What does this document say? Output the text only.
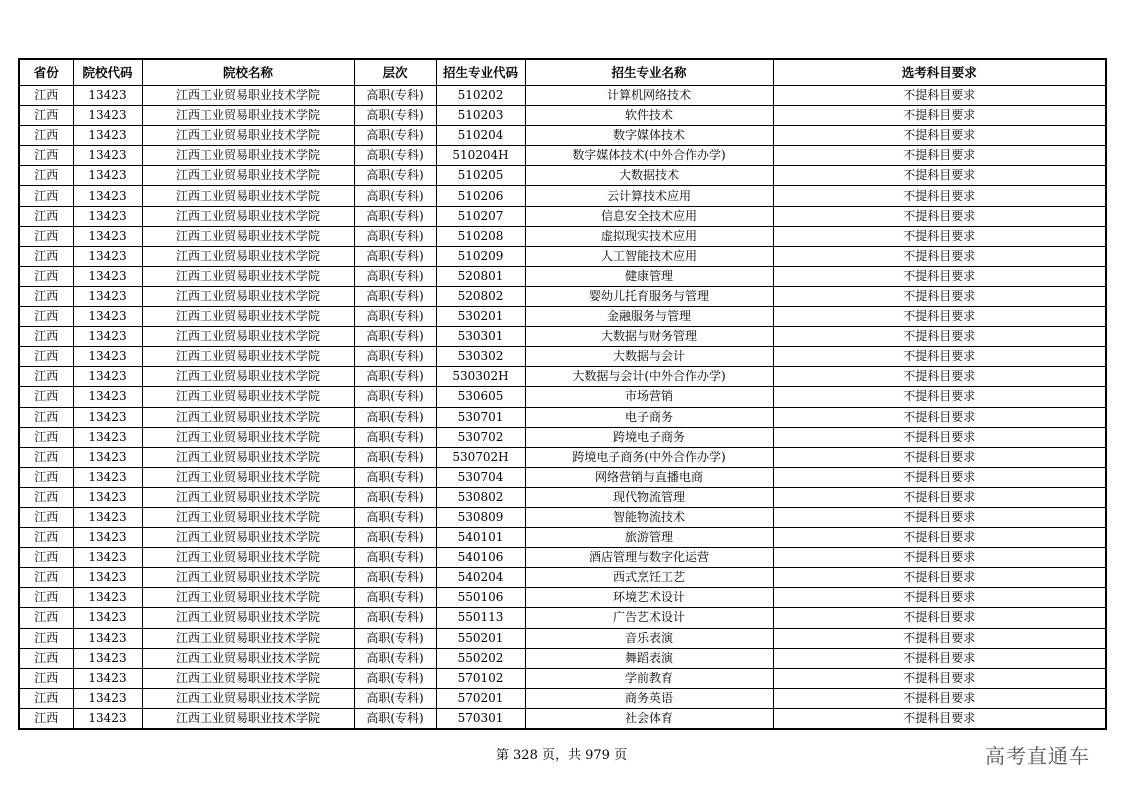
省份	院校代码	院校名称	层次	招生专业代码	招生专业名称	选考科目要求
江西	13423	江西工业贸易职业技术学院	高职(专科)	510202	计算机网络技术	不提科目要求
江西	13423	江西工业贸易职业技术学院	高职(专科)	510203	软件技术	不提科目要求
江西	13423	江西工业贸易职业技术学院	高职(专科)	510204	数字媒体技术	不提科目要求
江西	13423	江西工业贸易职业技术学院	高职(专科)	510204H	数字媒体技术(中外合作办学)	不提科目要求
江西	13423	江西工业贸易职业技术学院	高职(专科)	510205	大数据技术	不提科目要求
江西	13423	江西工业贸易职业技术学院	高职(专科)	510206	云计算技术应用	不提科目要求
江西	13423	江西工业贸易职业技术学院	高职(专科)	510207	信息安全技术应用	不提科目要求
江西	13423	江西工业贸易职业技术学院	高职(专科)	510208	虚拟现实技术应用	不提科目要求
江西	13423	江西工业贸易职业技术学院	高职(专科)	510209	人工智能技术应用	不提科目要求
江西	13423	江西工业贸易职业技术学院	高职(专科)	520801	健康管理	不提科目要求
江西	13423	江西工业贸易职业技术学院	高职(专科)	520802	婴幼儿托育服务与管理	不提科目要求
江西	13423	江西工业贸易职业技术学院	高职(专科)	530201	金融服务与管理	不提科目要求
江西	13423	江西工业贸易职业技术学院	高职(专科)	530301	大数据与财务管理	不提科目要求
江西	13423	江西工业贸易职业技术学院	高职(专科)	530302	大数据与会计	不提科目要求
江西	13423	江西工业贸易职业技术学院	高职(专科)	530302H	大数据与会计(中外合作办学)	不提科目要求
江西	13423	江西工业贸易职业技术学院	高职(专科)	530605	市场营销	不提科目要求
江西	13423	江西工业贸易职业技术学院	高职(专科)	530701	电子商务	不提科目要求
江西	13423	江西工业贸易职业技术学院	高职(专科)	530702	跨境电子商务	不提科目要求
江西	13423	江西工业贸易职业技术学院	高职(专科)	530702H	跨境电子商务(中外合作办学)	不提科目要求
江西	13423	江西工业贸易职业技术学院	高职(专科)	530704	网络营销与直播电商	不提科目要求
江西	13423	江西工业贸易职业技术学院	高职(专科)	530802	现代物流管理	不提科目要求
江西	13423	江西工业贸易职业技术学院	高职(专科)	530809	智能物流技术	不提科目要求
江西	13423	江西工业贸易职业技术学院	高职(专科)	540101	旅游管理	不提科目要求
江西	13423	江西工业贸易职业技术学院	高职(专科)	540106	酒店管理与数字化运营	不提科目要求
江西	13423	江西工业贸易职业技术学院	高职(专科)	540204	西式烹饪工艺	不提科目要求
江西	13423	江西工业贸易职业技术学院	高职(专科)	550106	环境艺术设计	不提科目要求
江西	13423	江西工业贸易职业技术学院	高职(专科)	550113	广告艺术设计	不提科目要求
江西	13423	江西工业贸易职业技术学院	高职(专科)	550201	音乐表演	不提科目要求
江西	13423	江西工业贸易职业技术学院	高职(专科)	550202	舞蹈表演	不提科目要求
江西	13423	江西工业贸易职业技术学院	高职(专科)	570102	学前教育	不提科目要求
江西	13423	江西工业贸易职业技术学院	高职(专科)	570201	商务英语	不提科目要求
江西	13423	江西工业贸易职业技术学院	高职(专科)	570301	社会体育	不提科目要求
第 328 页，共 979 页	高考直通车
